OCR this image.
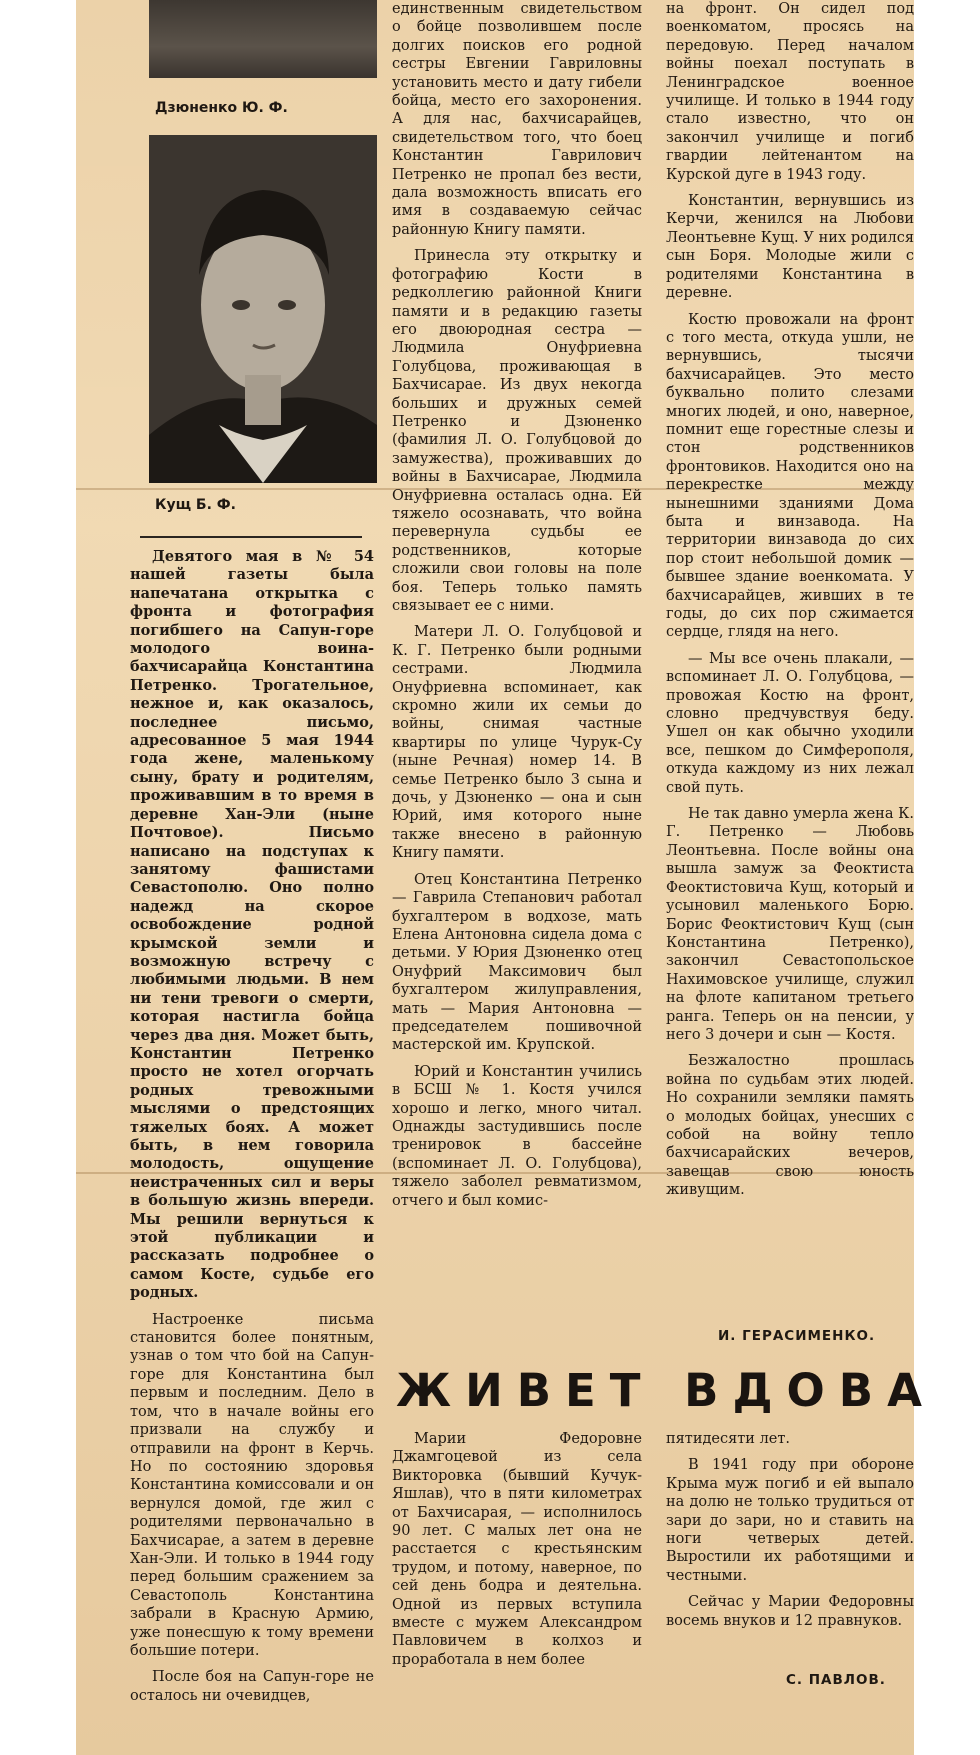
Дзюненко Ю. Ф.
Кущ Б. Ф.

Девятого мая в № 54 нашей газеты была напечатана открытка с фронта и фотография погибшего на Сапун-горе молодого воина-бахчисарайца Константина Петренко. Трогательное, нежное и, как оказалось, последнее письмо, адресованное 5 мая 1944 года жене, маленькому сыну, брату и родителям, проживавшим в то время в деревне Хан-Эли (ныне Почтовое). Письмо написано на подступах к занятому фашистами Севастополю. Оно полно надежд на скорое освобождение родной крымской земли и возможную встречу с любимыми людьми. В нем ни тени тревоги о смерти, которая настигла бойца через два дня. Может быть, Константин Петренко просто не хотел огорчать родных тревожными мыслями о предстоящих тяжелых боях. А может быть, в нем говорила молодость, ощущение неистраченных сил и веры в большую жизнь впереди. Мы решили вернуться к этой публикации и рассказать подробнее о самом Косте, судьбе его родных.

Настроенке письма становится более понятным, узнав о том что бой на Сапун-горе для Константина был первым и последним. Дело в том, что в начале войны его призвали на службу и отправили на фронт в Керчь. Но по состоянию здоровья Константина комиссовали и он вернулся домой, где жил с родителями первоначально в Бахчисарае, а затем в деревне Хан-Эли. И только в 1944 году перед большим сражением за Севастополь Константина забрали в Красную Армию, уже понесшую к тому времени большие потери.

После боя на Сапун-горе не осталось ни очевидцев,

единственным свидетельством о бойце позволившем после долгих поисков его родной сестры Евгении Гавриловны установить место и дату гибели бойца, место его захоронения. А для нас, бахчисарайцев, свидетельством того, что боец Константин Гаврилович Петренко не пропал без вести, дала возможность вписать его имя в создаваемую сейчас районную Книгу памяти.

Принесла эту открытку и фотографию Кости в редколлегию районной Книги памяти и в редакцию газеты его двоюродная сестра — Людмила Онуфриевна Голубцова, проживающая в Бахчисарае. Из двух некогда больших и дружных семей Петренко и Дзюненко (фамилия Л. О. Голубцовой до замужества), проживавших до войны в Бахчисарае, Людмила Онуфриевна осталась одна. Ей тяжело осознавать, что война перевернула судьбы ее родственников, которые сложили свои головы на поле боя. Теперь только память связывает ее с ними.

Матери Л. О. Голубцовой и К. Г. Петренко были родными сестрами. Людмила Онуфриевна вспоминает, как скромно жили их семьи до войны, снимая частные квартиры по улице Чурук-Су (ныне Речная) номер 14. В семье Петренко было 3 сына и дочь, у Дзюненко — она и сын Юрий, имя которого ныне также внесено в районную Книгу памяти.

Отец Константина Петренко — Гаврила Степанович работал бухгалтером в водхозе, мать Елена Антоновна сидела дома с детьми. У Юрия Дзюненко отец Онуфрий Максимович был бухгалтером жилуправления, мать — Мария Антоновна — председателем пошивочной мастерской им. Крупской.

Юрий и Константин учились в БСШ № 1. Костя учился хорошо и легко, много читал. Однажды застудившись после тренировок в бассейне (вспоминает Л. О. Голубцова), тяжело заболел ревматизмом, отчего и был комис-

на фронт. Он сидел под военкоматом, просясь на передовую. Перед началом войны поехал поступать в Ленинградское военное училище. И только в 1944 году стало известно, что он закончил училище и погиб гвардии лейтенантом на Курской дуге в 1943 году.

Константин, вернувшись из Керчи, женился на Любови Леонтьевне Кущ. У них родился сын Боря. Молодые жили с родителями Константина в деревне.

Костю провожали на фронт с того места, откуда ушли, не вернувшись, тысячи бахчисарайцев. Это место буквально полито слезами многих людей, и оно, наверное, помнит еще горестные слезы и стон родственников фронтовиков. Находится оно на перекрестке между нынешними зданиями Дома быта и винзавода. На территории винзавода до сих пор стоит небольшой домик — бывшее здание военкомата. У бахчисарайцев, живших в те годы, до сих пор сжимается сердце, глядя на него.

— Мы все очень плакали, — вспоминает Л. О. Голубцова, — провожая Костю на фронт, словно предчувствуя беду. Ушел он как обычно уходили все, пешком до Симферополя, откуда каждому из них лежал свой путь.

Не так давно умерла жена К. Г. Петренко — Любовь Леонтьевна. После войны она вышла замуж за Феоктиста Феоктистовича Кущ, который и усыновил маленького Борю. Борис Феоктистович Кущ (сын Константина Петренко), закончил Севастопольское Нахимовское училище, служил на флоте капитаном третьего ранга. Теперь он на пенсии, у него 3 дочери и сын — Костя.

Безжалостно прошлась война по судьбам этих людей. Но сохранили земляки память о молодых бойцах, унесших с собой на войну тепло бахчисарайских вечеров, завещав свою юность живущим.

И. ГЕРАСИМЕНКО.
ЖИВЕТ ВДОВА

Марии Федоровне Джамгоцевой из села Викторовка (бывший Кучук-Яшлав), что в пяти километрах от Бахчисарая, — исполнилось 90 лет. С малых лет она не расстается с крестьянским трудом, и потому, наверное, по сей день бодра и деятельна. Одной из первых вступила вместе с мужем Александром Павловичем в колхоз и проработала в нем более

пятидесяти лет.

В 1941 году при обороне Крыма муж погиб и ей выпало на долю не только трудиться от зари до зари, но и ставить на ноги четверых детей. Выростили их работящими и честными.

Сейчас у Марии Федоровны восемь внуков и 12 правнуков.

С. ПАВЛОВ.
